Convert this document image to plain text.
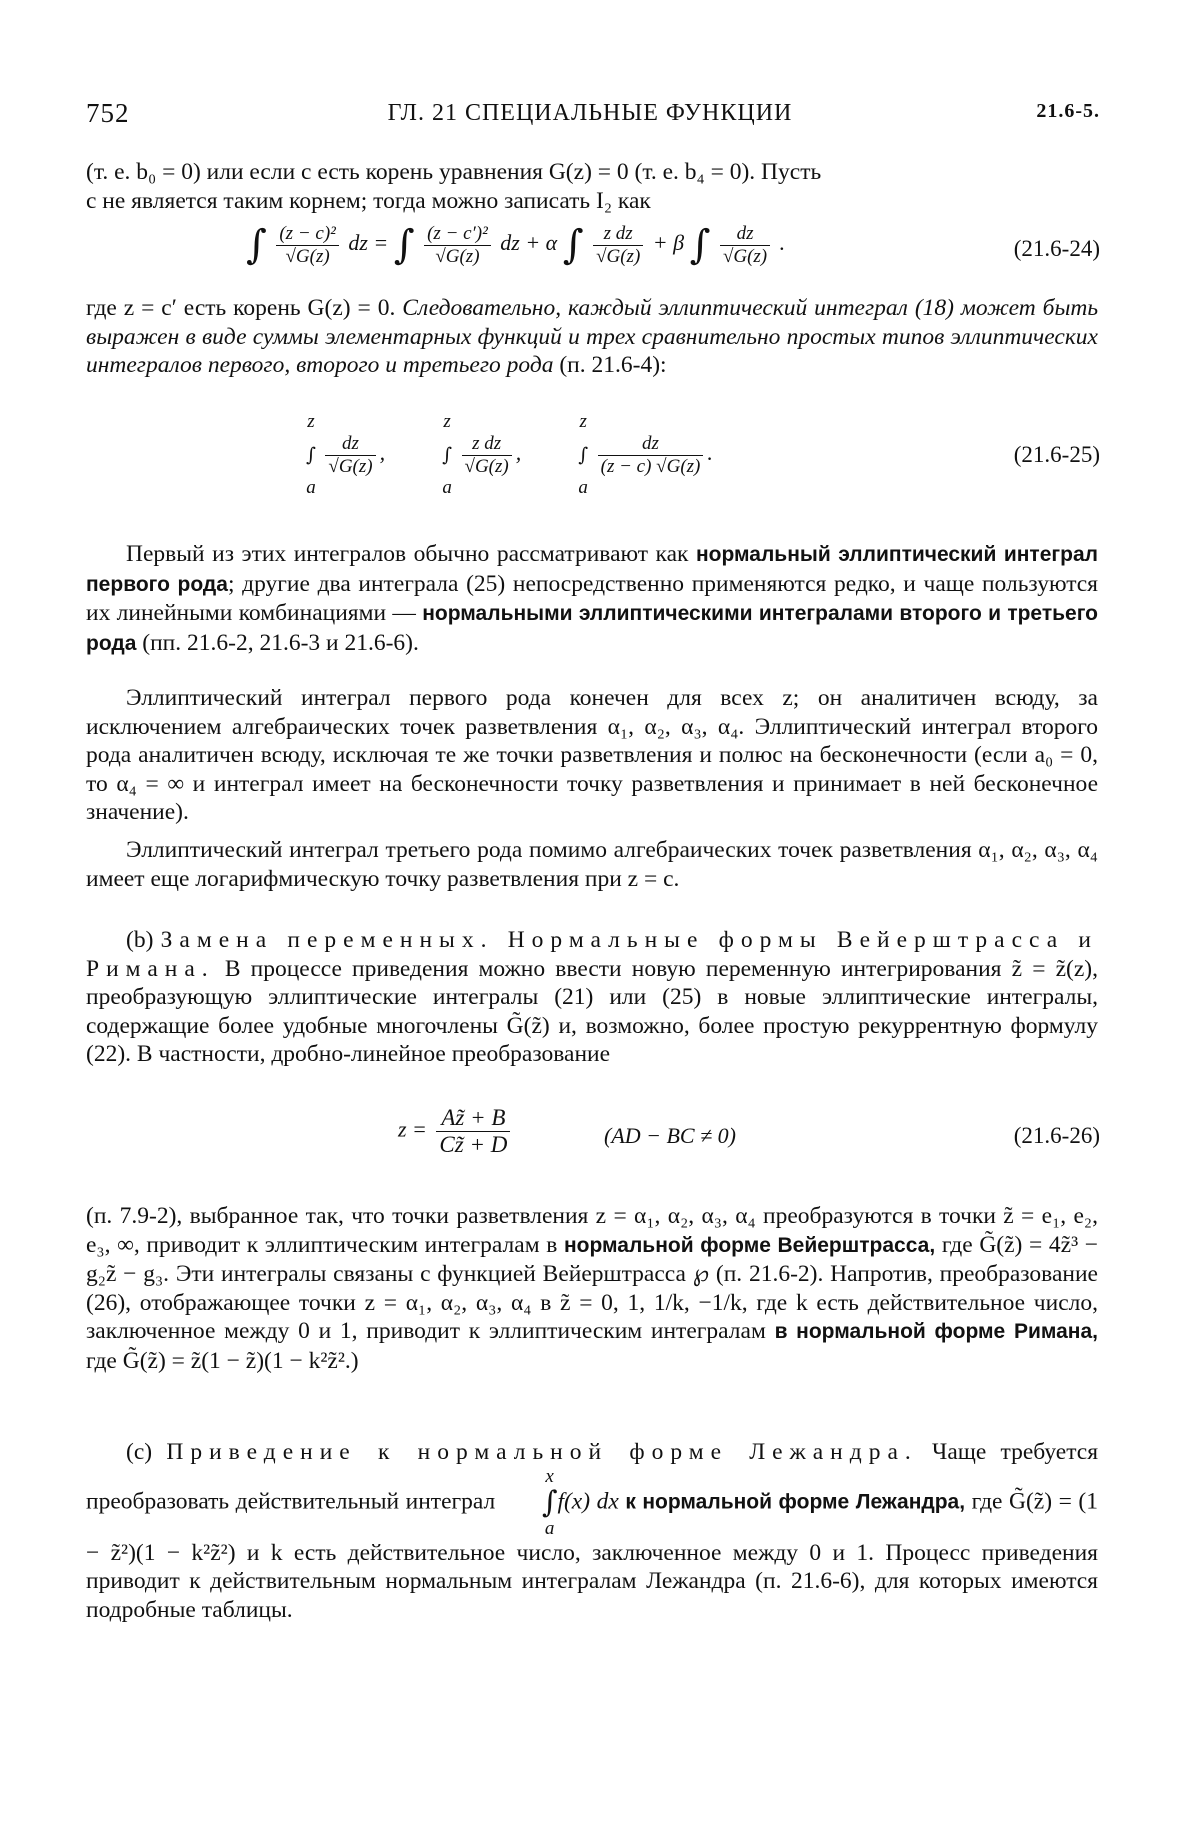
752	ГЛ. 21 СПЕЦИАЛЬНЫЕ ФУНКЦИИ	21.6-5.
(т. е. b₀ = 0) или если c есть корень уравнения G(z) = 0 (т. е. b₄ = 0). Пусть
c не является таким корнем; тогда можно записать I₂ как
∫ $\frac{\text{(z − c)²}}{√G(z)}$ dz = ∫ $\frac{\text{(z − c′)²}}{√G(z)}$ dz + α ∫ $\frac{\text{z dz}}{√G(z)} + \beta$ ∫ $\frac{dz}{√G(z)}$ .	(21.6-24)
где z = c′ есть корень G(z) = 0. Следовательно, каждый эллиптический интеграл (18) может быть выражен в виде суммы элементарных функций и трех сравнительно простых типов эллиптических интегралов первого, второго и третьего рода (п. 21.6-4):
z
∫
a

$\frac{dz}{√G(z)}$ ,
z
∫
a

$\frac{\text{z dz}}{√G(z)}$ ,
z
∫
a

$\frac{dz}{(z - c) √G(z)}$ .	(21.6-25)
Первый из этих интегралов обычно рассматривают как нормальный эллиптический интеграл первого рода; другие два интеграла (25) непосредственно применяются редко, и чаще пользуются их линейными комбинациями — нормальными эллиптическими интегралами второго и третьего рода (пп. 21.6-2, 21.6-3 и 21.6-6).
Эллиптический интеграл первого рода конечен для всех z; он аналитичен всюду, за исключением алгебраических точек разветвления α₁, α₂, α₃, α₄. Эллиптический интеграл второго рода аналитичен всюду, исключая те же точки разветвления и полюс на бесконечности (если a₀ = 0, то α₄ = ∞ и интеграл имеет на бесконечности точку разветвления и принимает в ней бесконечное значение).
Эллиптический интеграл третьего рода помимо алгебраических точек разветвления α₁, α₂, α₃, α₄ имеет еще логарифмическую точку разветвления при z = c.
(b) Замена переменных. Нормальные формы Вейерштрасса и Римана. В процессе приведения можно ввести новую переменную интегрирования z̃ = z̃(z), преобразующую эллиптические интегралы (21) или (25) в новые эллиптические интегралы, содержащие более удобные многочлены G̃(z̃) и, возможно, более простую рекуррентную формулу (22). В частности, дробно-линейное преобразование
$z = \frac{Az̃ + B}{Cz̃ + D}$	(AD − BC ≠ 0)	(21.6-26)
(п. 7.9-2), выбранное так, что точки разветвления z = α₁, α₂, α₃, α₄ преобразуются в точки z̃ = e₁, e₂, e₃, ∞, приводит к эллиптическим интегралам в нормальной форме Вейерштрасса, где G̃(z̃) = 4z̃³ − g₂z̃ − g₃. Эти интегралы связаны с функцией Вейерштрасса ℘ (п. 21.6-2). Напротив, преобразование (26), отображающее точки z = α₁, α₂, α₃, α₄ в z̃ = 0, 1, 1/k, −1/k, где k есть действительное число, заключенное между 0 и 1, приводит к эллиптическим интегралам в нормальной форме Римана, где G̃(z̃) = z̃(1 − z̃)(1 − k²z̃².)
(c) Приведение к нормальной форме Лежандра. Чаще требуется преобразовать действительный интеграл
x
∫
a
f(x) dx к нормальной форме Лежандра, где G̃(z̃) = (1 − z̃²)(1 − k²z̃²) и k есть действительное число, заключенное между 0 и 1. Процесс приведения приводит к действительным нормальным интегралам Лежандра (п. 21.6-6), для которых имеются подробные таблицы.
